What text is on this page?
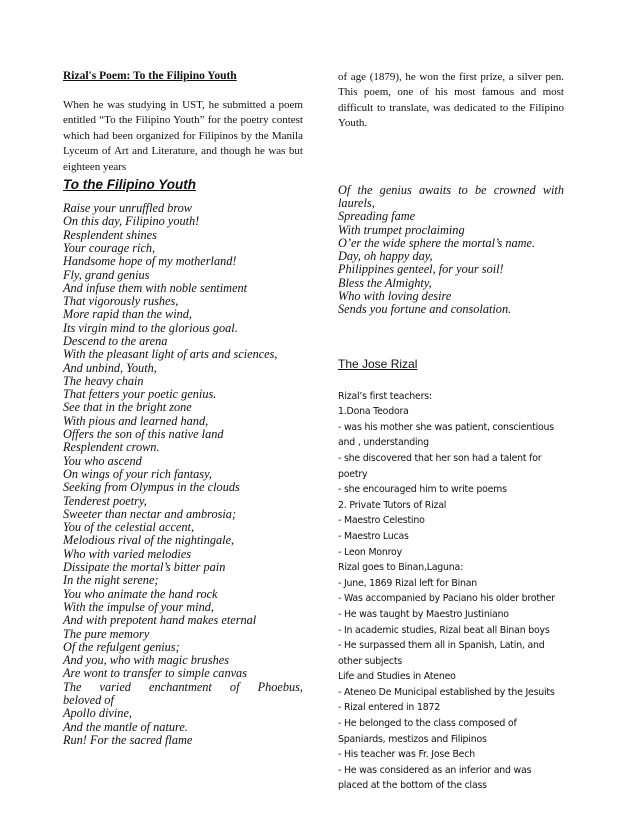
Rizal's Poem: To the Filipino Youth

When he was studying in UST, he submitted a poem entitled “To the Filipino Youth” for the poetry contest which had been organized for Filipinos by the Manila Lyceum of Art and Literature, and though he was but eighteen years

To the Filipino Youth

Raise your unruffled brow
On this day, Filipino youth!
Resplendent shines
Your courage rich,
Handsome hope of my motherland!
Fly, grand genius
And infuse them with noble sentiment
That vigorously rushes,
More rapid than the wind,
Its virgin mind to the glorious goal.
Descend to the arena
With the pleasant light of arts and sciences,
And unbind, Youth,
The heavy chain
That fetters your poetic genius.
See that in the bright zone
With pious and learned hand,
Offers the son of this native land
Resplendent crown.
You who ascend
On wings of your rich fantasy,
Seeking from Olympus in the clouds
Tenderest poetry,
Sweeter than nectar and ambrosia;
You of the celestial accent,
Melodious rival of the nightingale,
Who with varied melodies
Dissipate the mortal’s bitter pain
In the night serene;
You who animate the hand rock
With the impulse of your mind,
And with prepotent hand makes eternal
The pure memory
Of the refulgent genius;
And you, who with magic brushes
Are wont to transfer to simple canvas
The varied enchantment of Phoebus,
beloved of
Apollo divine,
And the mantle of nature.
Run! For the sacred flame

of age (1879), he won the first prize, a silver pen. This poem, one of his most famous and most difficult to translate, was dedicated to the Filipino Youth.

Of the genius awaits to be crowned with
laurels,
Spreading fame
With trumpet proclaiming
O’er the wide sphere the mortal’s name.
Day, oh happy day,
Philippines genteel, for your soil!
Bless the Almighty,
Who with loving desire
Sends you fortune and consolation.

The Jose Rizal

Rizal’s first teachers:
1.Dona Teodora
- was his mother she was patient, conscientious
and , understanding
- she discovered that her son had a talent for
poetry
- she encouraged him to write poems
2. Private Tutors of Rizal
- Maestro Celestino
- Maestro Lucas
- Leon Monroy
Rizal goes to Binan,Laguna:
- June, 1869 Rizal left for Binan
- Was accompanied by Paciano his older brother
- He was taught by Maestro Justiniano
- In academic studies, Rizal beat all Binan boys
- He surpassed them all in Spanish, Latin, and
other subjects
Life and Studies in Ateneo
- Ateneo De Municipal established by the Jesuits
- Rizal entered in 1872
- He belonged to the class composed of
Spaniards, mestizos and Filipinos
- His teacher was Fr. Jose Bech
- He was considered as an inferior and was
placed at the bottom of the class
